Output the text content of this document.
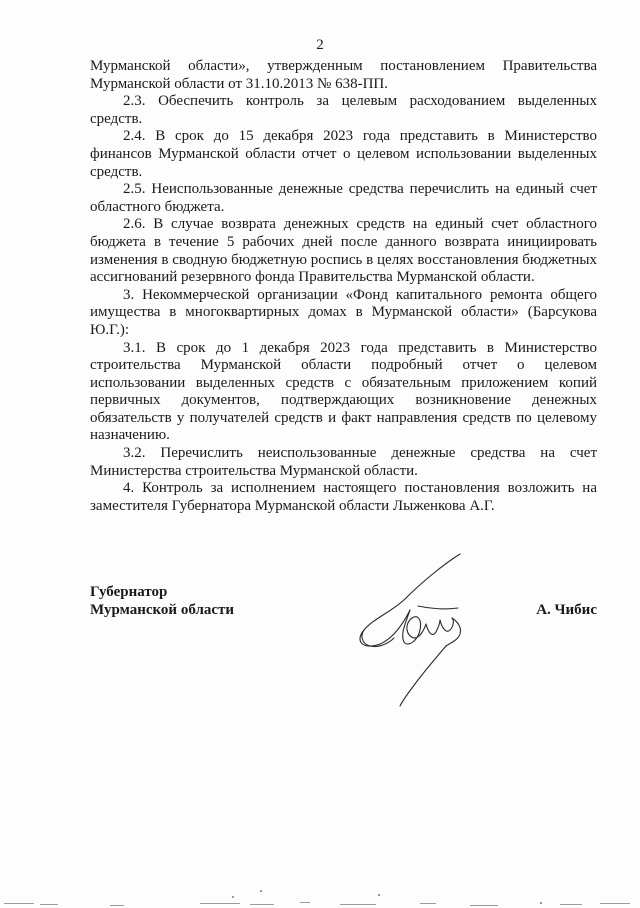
2

Мурманской области», утвержденным постановлением Правительства Мурманской области от 31.10.2013 № 638-ПП.

2.3. Обеспечить контроль за целевым расходованием выделенных средств.

2.4. В срок до 15 декабря 2023 года представить в Министерство финансов Мурманской области отчет о целевом использовании выделенных средств.

2.5. Неиспользованные денежные средства перечислить на единый счет областного бюджета.

2.6. В случае возврата денежных средств на единый счет областного бюджета в течение 5 рабочих дней после данного возврата инициировать изменения в сводную бюджетную роспись в целях восстановления бюджетных ассигнований резервного фонда Правительства Мурманской области.

3. Некоммерческой организации «Фонд капитального ремонта общего имущества в многоквартирных домах в Мурманской области» (Барсукова Ю.Г.):

3.1. В срок до 1 декабря 2023 года представить в Министерство строительства Мурманской области подробный отчет о целевом использовании выделенных средств с обязательным приложением копий первичных документов, подтверждающих возникновение денежных обязательств у получателей средств и факт направления средств по целевому назначению.

3.2. Перечислить неиспользованные денежные средства на счет Министерства строительства Мурманской области.

4. Контроль за исполнением настоящего постановления возложить на заместителя Губернатора Мурманской области Лыженкова А.Г.

Губернатор
Мурманской области	А. Чибис
